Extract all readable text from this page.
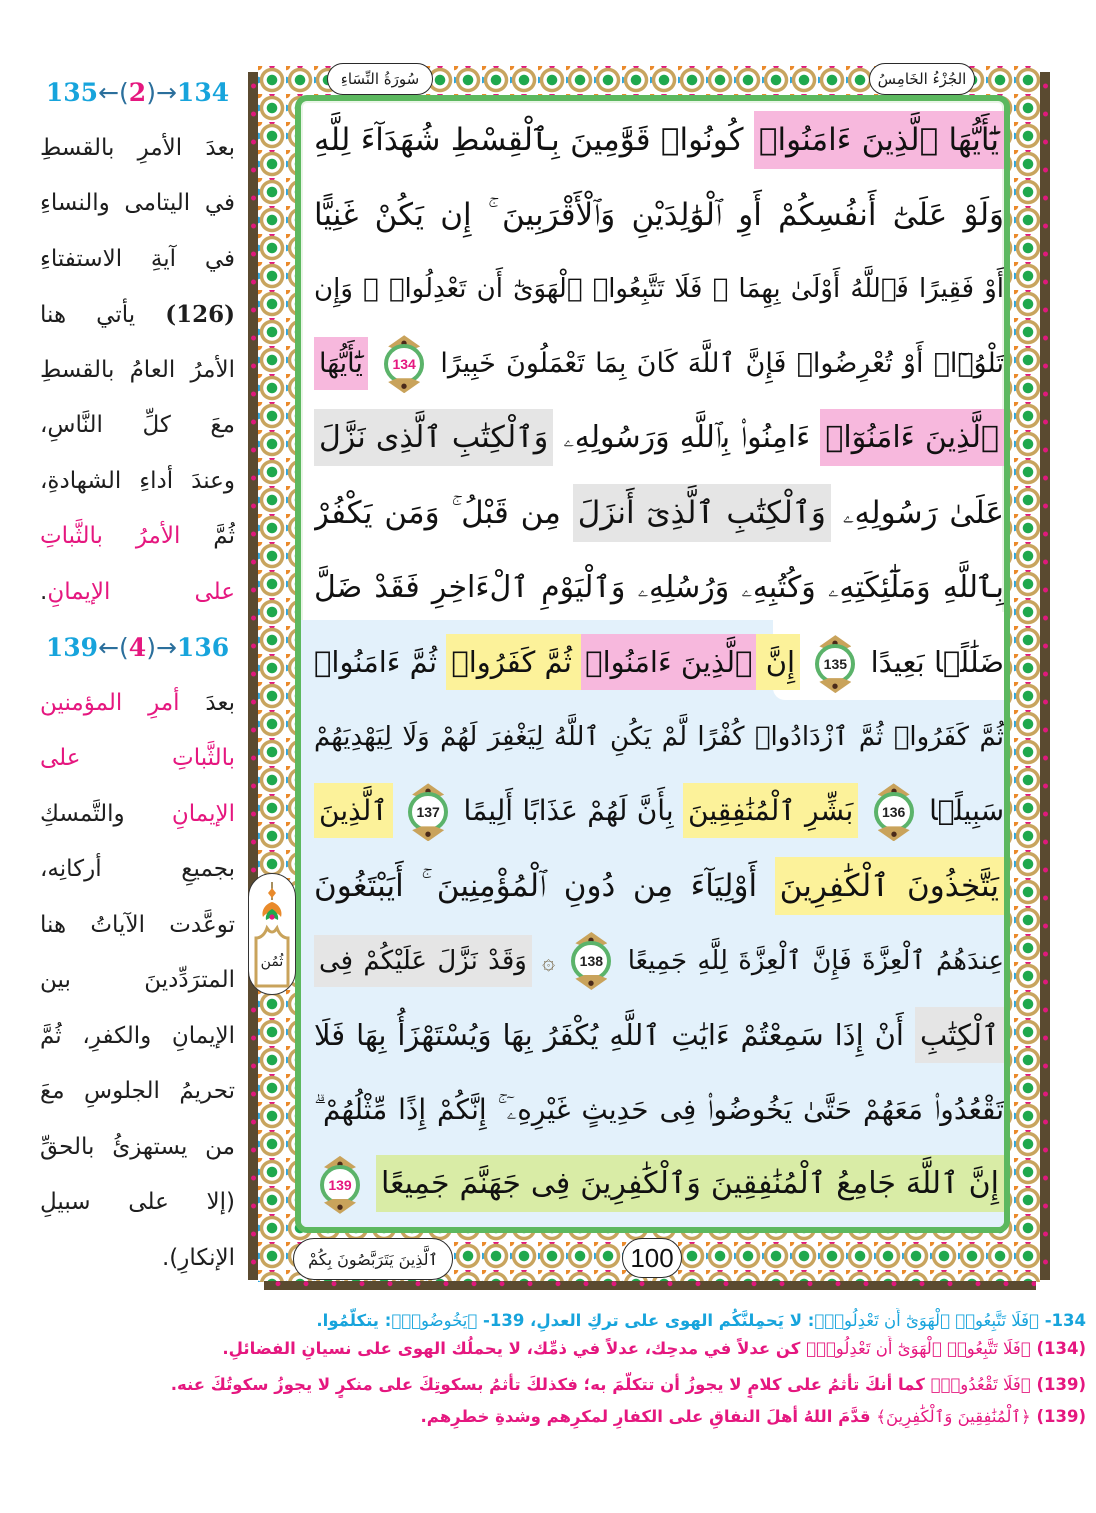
135←(2)→134
بعدَ الأمرِ بالقسطِ
في اليتامى والنساءِ
في آيةِ الاستفتاءِ
(126) يأتي هنا
الأمرُ العامُ بالقسطِ
معَ كلِّ النَّاسِ،
وعندَ أداءِ الشهادةِ،
ثُمَّ الأمرُ بالثَّباتِ
على الإيمانِ.
139←(4)→136
بعدَ أمرِ المؤمنين
بالثَّباتِ على
الإيمانِ والتَّمسكِ
بجميعِ أركانِه،
توعَّدت الآياتُ هنا
المترَدِّدينَ بين
الإيمانِ والكفرِ، ثُمَّ
تحريمُ الجلوسِ معَ
من يستهزئُ بالحقِّ
(إلا على سبيلِ
الإنكارِ).
سُورَةُ النِّسَاءِ	الجُزْءُ الخَامِسُ
ٱلَّذِينَ يَتَرَبَّصُونَ بِكُمْ	100
ثُمُن
يَٰٓأَيُّهَا ٱلَّذِينَ ءَامَنُوا۟ كُونُوا۟ قَوَّٰمِينَ بِٱلْقِسْطِ شُهَدَآءَ لِلَّهِ
وَلَوْ عَلَىٰٓ أَنفُسِكُمْ أَوِ ٱلْوَٰلِدَيْنِ وَٱلْأَقْرَبِينَ ۚ إِن يَكُنْ غَنِيًّا
أَوْ فَقِيرًا فَٱللَّهُ أَوْلَىٰ بِهِمَا ۖ فَلَا تَتَّبِعُوا۟ ٱلْهَوَىٰٓ أَن تَعْدِلُوا۟ ۚ وَإِن
تَلْوُۥٓا۟ أَوْ تُعْرِضُوا۟ فَإِنَّ ٱللَّهَ كَانَ بِمَا تَعْمَلُونَ خَبِيرًا
134
يَٰٓأَيُّهَا
ٱلَّذِينَ ءَامَنُوٓا۟ ءَامِنُوا۟ بِٱللَّهِ وَرَسُولِهِۦ وَٱلْكِتَٰبِ ٱلَّذِى نَزَّلَ
عَلَىٰ رَسُولِهِۦ وَٱلْكِتَٰبِ ٱلَّذِىٓ أَنزَلَ مِن قَبْلُ ۚ وَمَن يَكْفُرْ
بِٱللَّهِ وَمَلَٰٓئِكَتِهِۦ وَكُتُبِهِۦ وَرُسُلِهِۦ وَٱلْيَوْمِ ٱلْءَاخِرِ فَقَدْ ضَلَّ
ضَلَٰلًۢا بَعِيدًا
135
إِنَّ ٱلَّذِينَ ءَامَنُوا۟ ثُمَّ كَفَرُوا۟ ثُمَّ ءَامَنُوا۟
ثُمَّ كَفَرُوا۟ ثُمَّ ٱزْدَادُوا۟ كُفْرًا لَّمْ يَكُنِ ٱللَّهُ لِيَغْفِرَ لَهُمْ وَلَا لِيَهْدِيَهُمْ
سَبِيلًۢا
136
بَشِّرِ ٱلْمُنَٰفِقِينَ بِأَنَّ لَهُمْ عَذَابًا أَلِيمًا
137
ٱلَّذِينَ
يَتَّخِذُونَ ٱلْكَٰفِرِينَ أَوْلِيَآءَ مِن دُونِ ٱلْمُؤْمِنِينَ ۚ أَيَبْتَغُونَ
عِندَهُمُ ٱلْعِزَّةَ فَإِنَّ ٱلْعِزَّةَ لِلَّهِ جَمِيعًا
138
۞ وَقَدْ نَزَّلَ عَلَيْكُمْ فِى
ٱلْكِتَٰبِ أَنْ إِذَا سَمِعْتُمْ ءَايَٰتِ ٱللَّهِ يُكْفَرُ بِهَا وَيُسْتَهْزَأُ بِهَا فَلَا
تَقْعُدُوا۟ مَعَهُمْ حَتَّىٰ يَخُوضُوا۟ فِى حَدِيثٍ غَيْرِهِۦٓ ۚ إِنَّكُمْ إِذًا مِّثْلُهُمْ ۗ
إِنَّ ٱللَّهَ جَامِعُ ٱلْمُنَٰفِقِينَ وَٱلْكَٰفِرِينَ فِى جَهَنَّمَ جَمِيعًا
139
134- ﴿فَلَا تَتَّبِعُوا۟ ٱلْهَوَىٰٓ أَن تَعْدِلُوا۟﴾: لا يَحمِلنَّكُم الهوى على تركِ العدلِ، 139- ﴿يَخُوضُوا۟﴾: يتكلَّمُوا.
(134) ﴿فَلَا تَتَّبِعُوا۟ ٱلْهَوَىٰٓ أَن تَعْدِلُوا۟﴾ كن عدلاً في مدحِك، عدلاً في ذمِّك، لا يحملُك الهوى على نسيانِ الفضائلِ.
(139) ﴿فَلَا تَقْعُدُوا۟﴾ كما أنكَ تأثمُ على كلامٍ لا يجو‌زُ أن تتكلَّمَ به؛ فكذلكَ تأثمُ بسكوتِكَ على منكرٍ لا يجوزُ سكوتُكَ عنه.
(139) ﴿ٱلْمُنَٰفِقِينَ وَٱلْكَٰفِرِينَ﴾ قدَّمَ اللهُ أهلَ النفاقِ على الكفارِ لمكرِهم وشدةِ خطرِهم.
